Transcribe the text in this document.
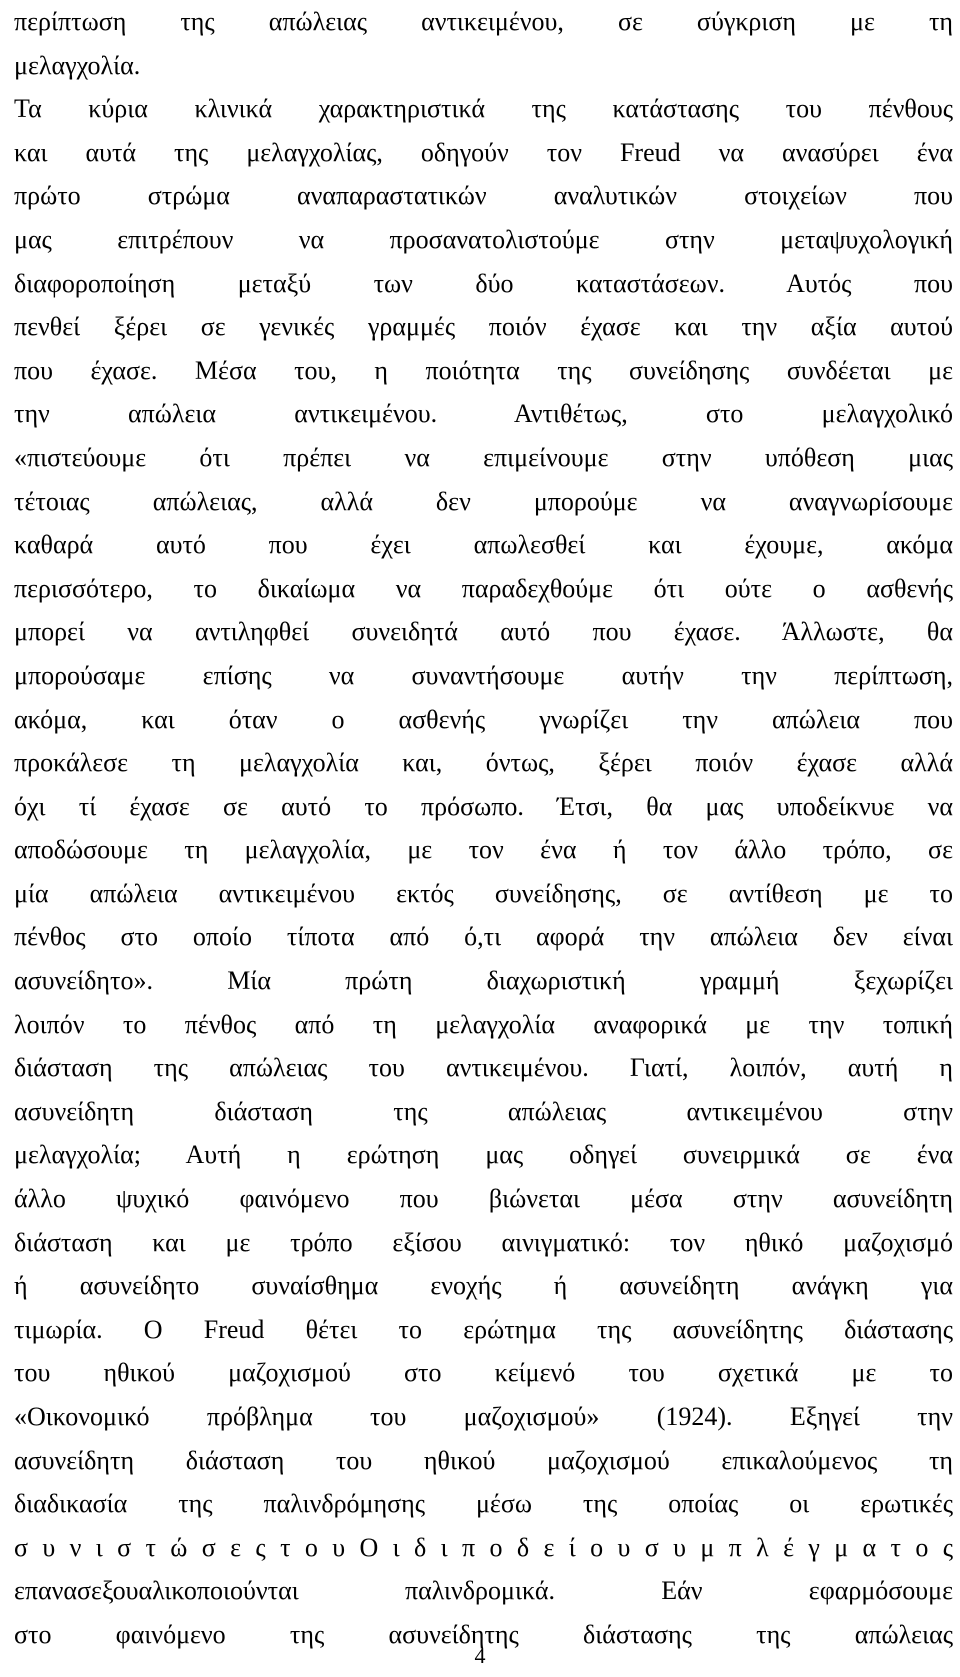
περίπτωση της απώλειας αντικειμένου, σε σύγκριση με τη
μελαγχολία.
Τα κύρια κλινικά χαρακτηριστικά της κατάστασης του πένθους
και αυτά της μελαγχολίας, οδηγούν τον Freud να ανασύρει ένα
πρώτο στρώμα αναπαραστατικών αναλυτικών στοιχείων που
μας επιτρέπουν να προσανατολιστούμε στην μεταψυχολογική
διαφοροποίηση μεταξύ των δύο καταστάσεων. Αυτός που
πενθεί ξέρει σε γενικές γραμμές ποιόν έχασε και την αξία αυτού
που έχασε. Μέσα του, η ποιότητα της συνείδησης συνδέεται με
την απώλεια αντικειμένου. Αντιθέτως, στο μελαγχολικό
«πιστεύουμε ότι πρέπει να επιμείνουμε στην υπόθεση μιας
τέτοιας απώλειας, αλλά δεν μπορούμε να αναγνωρίσουμε
καθαρά αυτό που έχει απωλεσθεί και έχουμε, ακόμα
περισσότερο, το δικαίωμα να παραδεχθούμε ότι ούτε ο ασθενής
μπορεί να αντιληφθεί συνειδητά αυτό που έχασε. Άλλωστε, θα
μπορούσαμε επίσης να συναντήσουμε αυτήν την περίπτωση,
ακόμα, και όταν ο ασθενής γνωρίζει την απώλεια που
προκάλεσε τη μελαγχολία και, όντως, ξέρει ποιόν έχασε αλλά
όχι τί έχασε σε αυτό το πρόσωπο. Έτσι, θα μας υποδείκνυε να
αποδώσουμε τη μελαγχολία, με τον ένα ή τον άλλο τρόπο, σε
μία απώλεια αντικειμένου εκτός συνείδησης, σε αντίθεση με το
πένθος στο οποίο τίποτα από ό,τι αφορά την απώλεια δεν είναι
ασυνείδητο». Μία πρώτη διαχωριστική γραμμή ξεχωρίζει
λοιπόν το πένθος από τη μελαγχολία αναφορικά με την τοπική
διάσταση της απώλειας του αντικειμένου. Γιατί, λοιπόν, αυτή η
ασυνείδητη διάσταση της απώλειας αντικειμένου στην
μελαγχολία; Αυτή η ερώτηση μας οδηγεί συνειρμικά σε ένα
άλλο ψυχικό φαινόμενο που βιώνεται μέσα στην ασυνείδητη
διάσταση και με τρόπο εξίσου αινιγματικό: τον ηθικό μαζοχισμό
ή ασυνείδητο συναίσθημα ενοχής ή ασυνείδητη ανάγκη για
τιμωρία. Ο Freud θέτει το ερώτημα της ασυνείδητης διάστασης
του ηθικού μαζοχισμού στο κείμενό του σχετικά με το
«Οικονομικό πρόβλημα του μαζοχισμού» (1924). Εξηγεί την
ασυνείδητη διάσταση του ηθικού μαζοχισμού επικαλούμενος τη
διαδικασία της παλινδρόμησης μέσω της οποίας οι ερωτικές
σ υ ν ι σ τ ώ σ ε ς τ ο υ Ο ι δ ι π ο δ ε ί ο υ σ υ μ π λ έ γ μ α τ ο ς
επανασεξουαλικοποιούνται παλινδρομικά. Εάν εφαρμόσουμε
στο φαινόμενο της ασυνείδητης διάστασης της απώλειας
4
